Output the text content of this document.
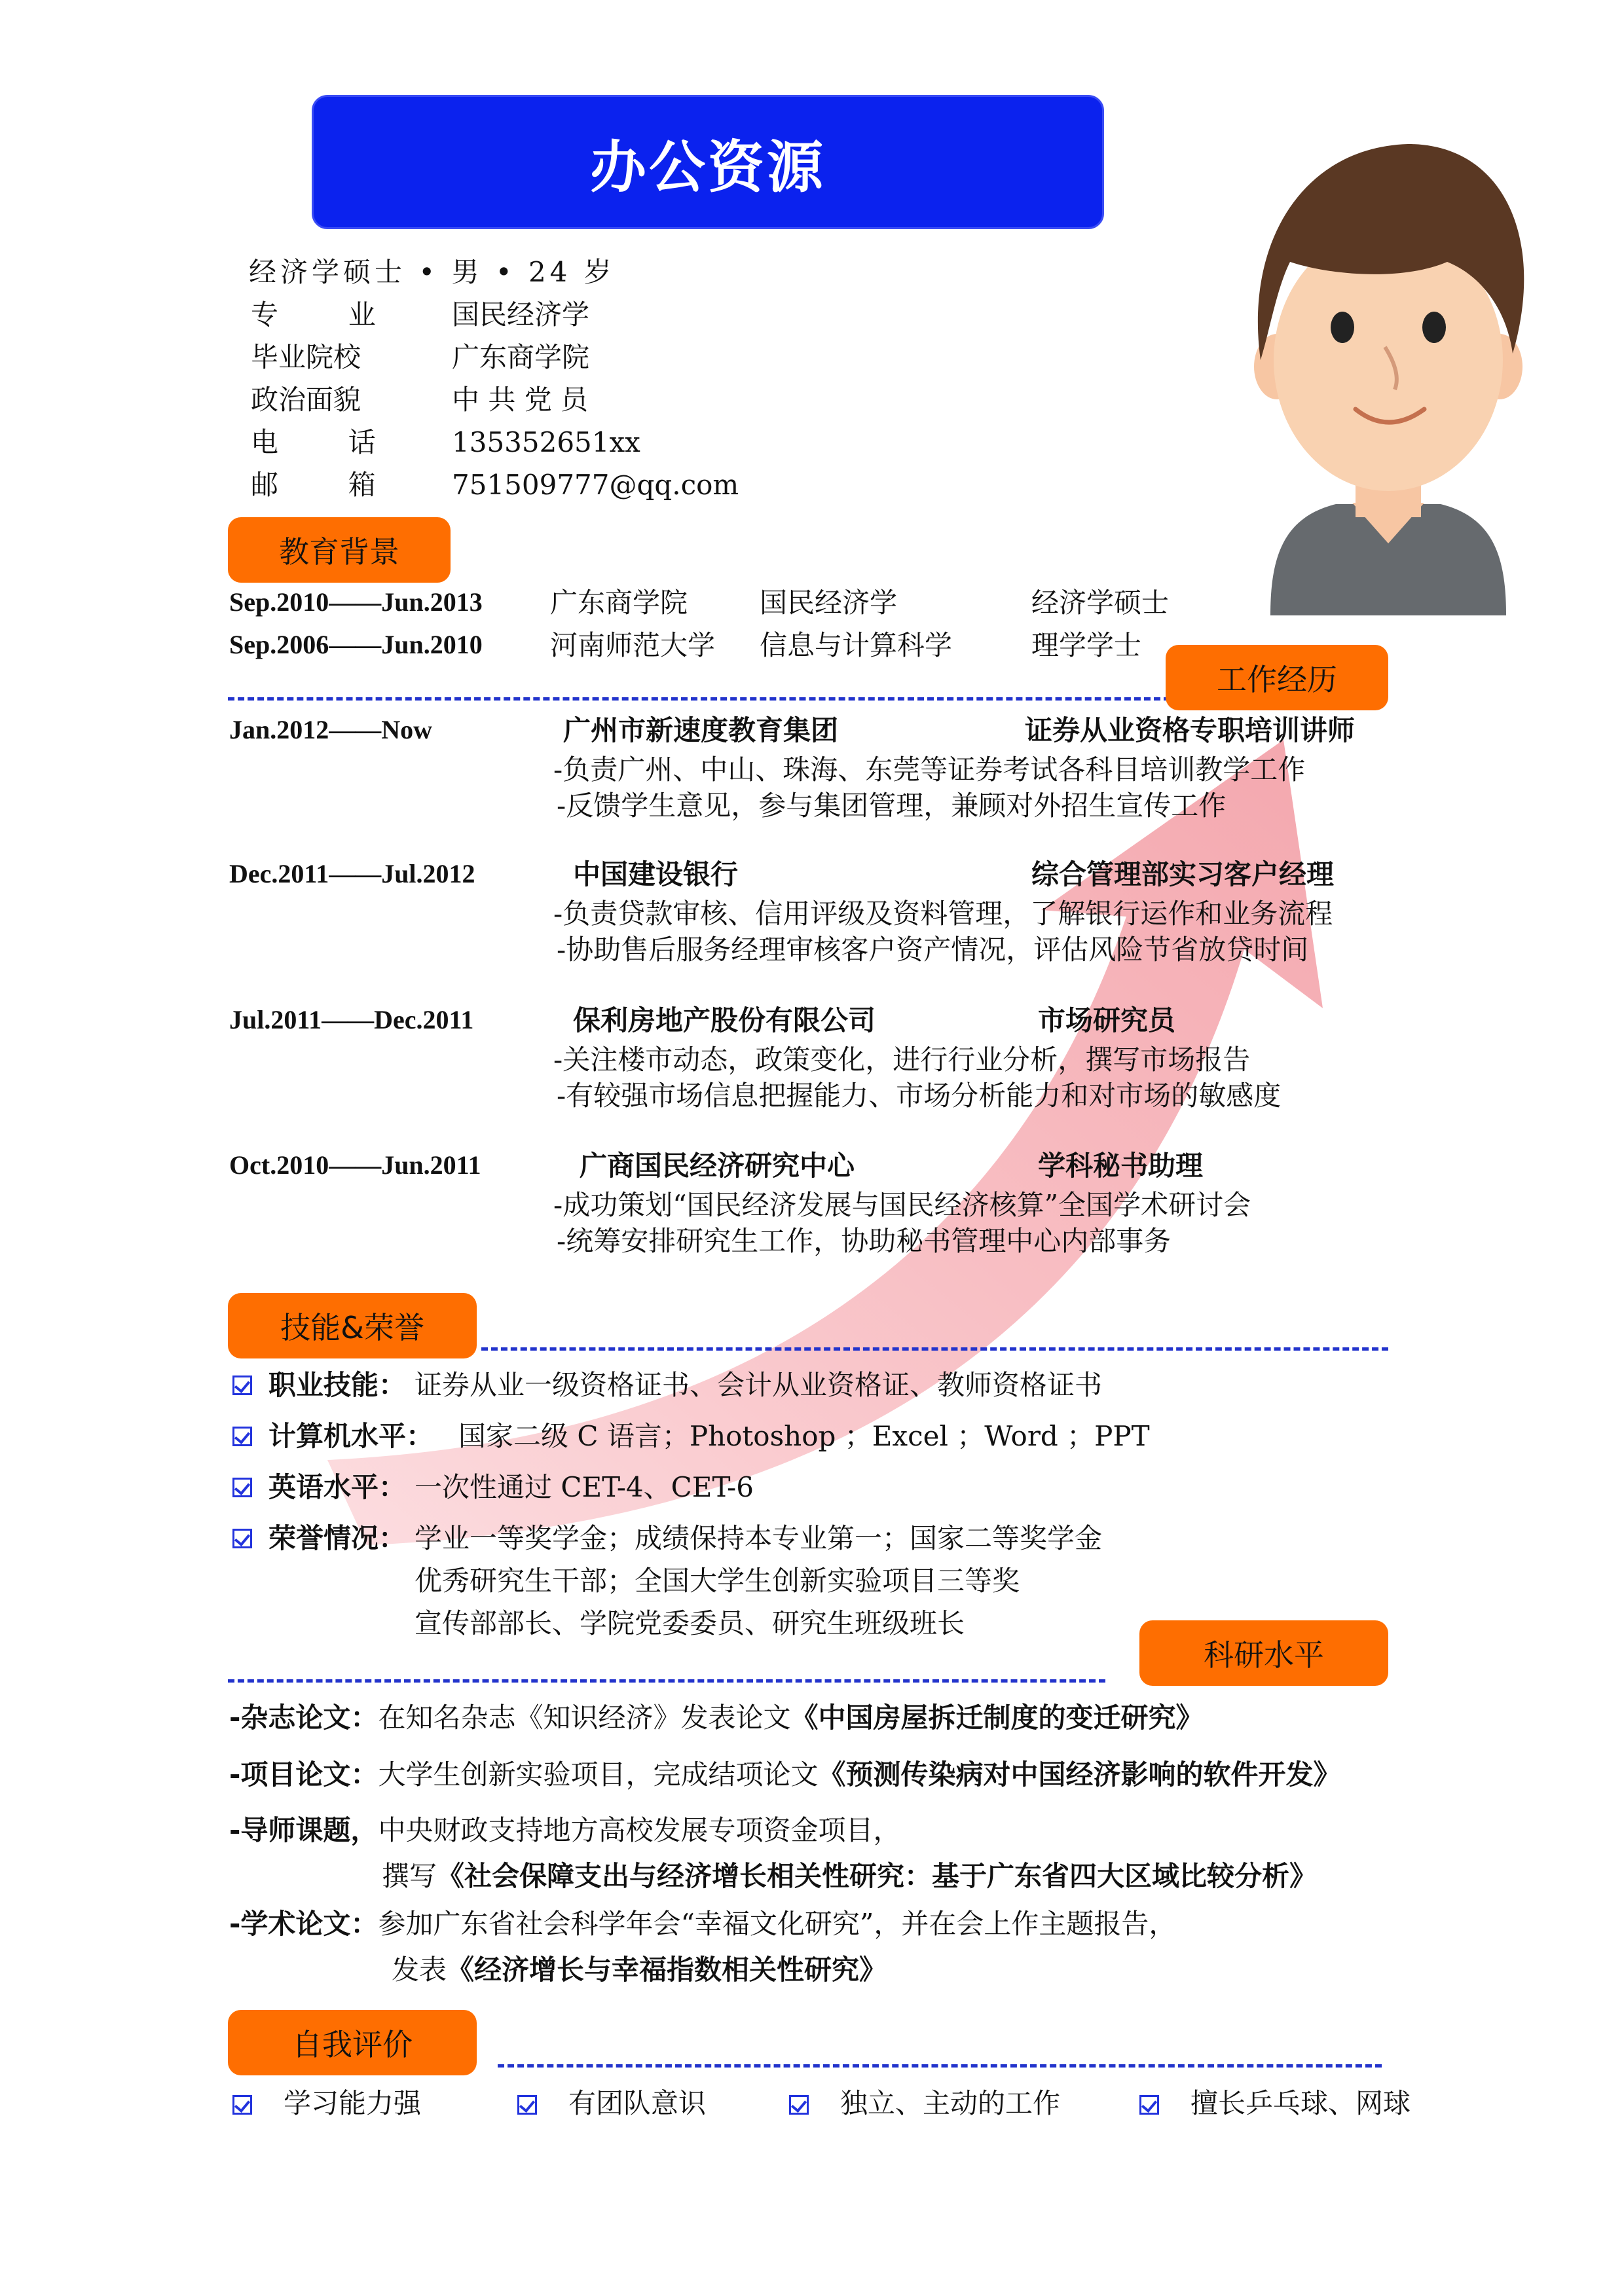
办公资源
经济学硕士 • 男 • 24 岁
专        业	国民经济学
毕业院校	广东商学院
政治面貌	中 共 党 员
电        话	135352651xx
邮        箱	751509777@qq.com
教育背景
Sep.2010——Jun.2013 广东商学院	国民经济学	经济学硕士
Sep.2006——Jun.2010 河南师范大学 信息与计算科学	理学学士
工作经历
Jan.2012——Now	广州市新速度教育集团	证券从业资格专职培训讲师
-负责广州、中山、珠海、东莞等证券考试各科目培训教学工作
-反馈学生意见，参与集团管理，兼顾对外招生宣传工作
Dec.2011——Jul.2012	中国建设银行	综合管理部实习客户经理
-负责贷款审核、信用评级及资料管理，了解银行运作和业务流程
-协助售后服务经理审核客户资产情况，评估风险节省放贷时间
Jul.2011——Dec.2011	保利房地产股份有限公司	市场研究员
-关注楼市动态，政策变化，进行行业分析，撰写市场报告
-有较强市场信息把握能力、市场分析能力和对市场的敏感度
Oct.2010——Jun.2011	广商国民经济研究中心	学科秘书助理
-成功策划“国民经济发展与国民经济核算”全国学术研讨会
-统筹安排研究生工作，协助秘书管理中心内部事务
技能&荣誉
职业技能： 证券从业一级资格证书、会计从业资格证、教师资格证书
计算机水平： 国家二级 C 语言；Photoshop ；Excel ；Word ；PPT
英语水平： 一次性通过 CET-4、CET-6
荣誉情况： 学业一等奖学金；成绩保持本专业第一；国家二等奖学金
优秀研究生干部；全国大学生创新实验项目三等奖
宣传部部长、学院党委委员、研究生班级班长
科研水平
-杂志论文：在知名杂志《知识经济》发表论文《中国房屋拆迁制度的变迁研究》
-项目论文：大学生创新实验项目，完成结项论文《预测传染病对中国经济影响的软件开发》
-导师课题，中央财政支持地方高校发展专项资金项目，
撰写《社会保障支出与经济增长相关性研究：基于广东省四大区域比较分析》
-学术论文：参加广东省社会科学年会“幸福文化研究”，并在会上作主题报告，
发表《经济增长与幸福指数相关性研究》
自我评价
学习能力强	有团队意识	独立、主动的工作	擅长乒乓球、网球
